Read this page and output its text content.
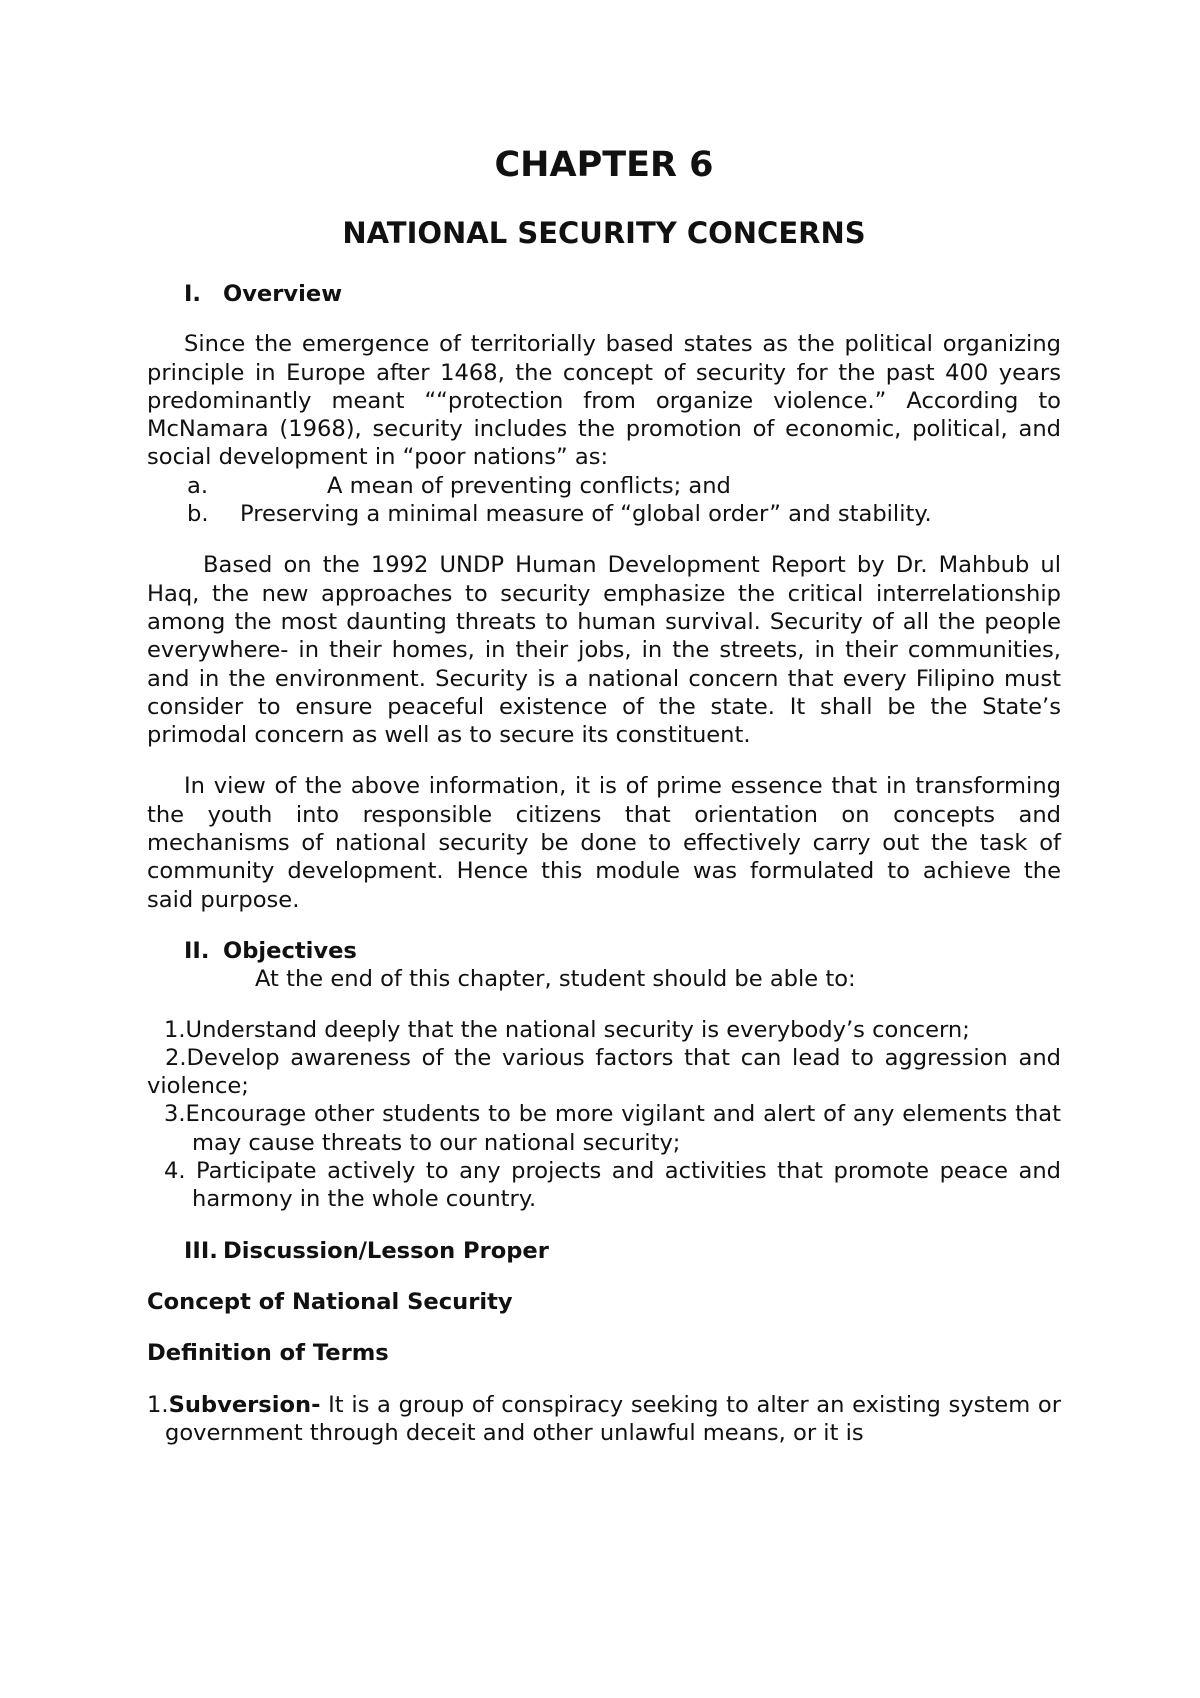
CHAPTER 6
NATIONAL SECURITY CONCERNS
I. Overview

Since the emergence of territorially based states as the political organizing principle in Europe after 1468, the concept of security for the past 400 years predominantly meant ““protection from organize violence.” According to McNamara (1968), security includes the promotion of economic, political, and social development in “poor nations” as:

a.	A mean of preventing conflicts; and
b.	Preserving a minimal measure of “global order” and stability.

Based on the 1992 UNDP Human Development Report by Dr. Mahbub ul Haq, the new approaches to security emphasize the critical interrelationship among the most daunting threats to human survival. Security of all the people everywhere- in their homes, in their jobs, in the streets, in their communities, and in the environment. Security is a national concern that every Filipino must consider to ensure peaceful existence of the state. It shall be the State’s primodal concern as well as to secure its constituent.

In view of the above information, it is of prime essence that in transforming the youth into responsible citizens that orientation on concepts and mechanisms of national security be done to effectively carry out the task of community development. Hence this module was formulated to achieve the said purpose.

II. Objectives
At the end of this chapter, student should be able to:

1.Understand deeply that the national security is everybody’s concern;

2.Develop awareness of the various factors that can lead to aggression and violence;

3.Encourage other students to be more vigilant and alert of any elements that may cause threats to our national security;

4. Participate actively to any projects and activities that promote peace and harmony in the whole country.

III. Discussion/Lesson Proper

Concept of National Security

Definition of Terms

1.Subversion- It is a group of conspiracy seeking to alter an existing system or government through deceit and other unlawful means, or it is
